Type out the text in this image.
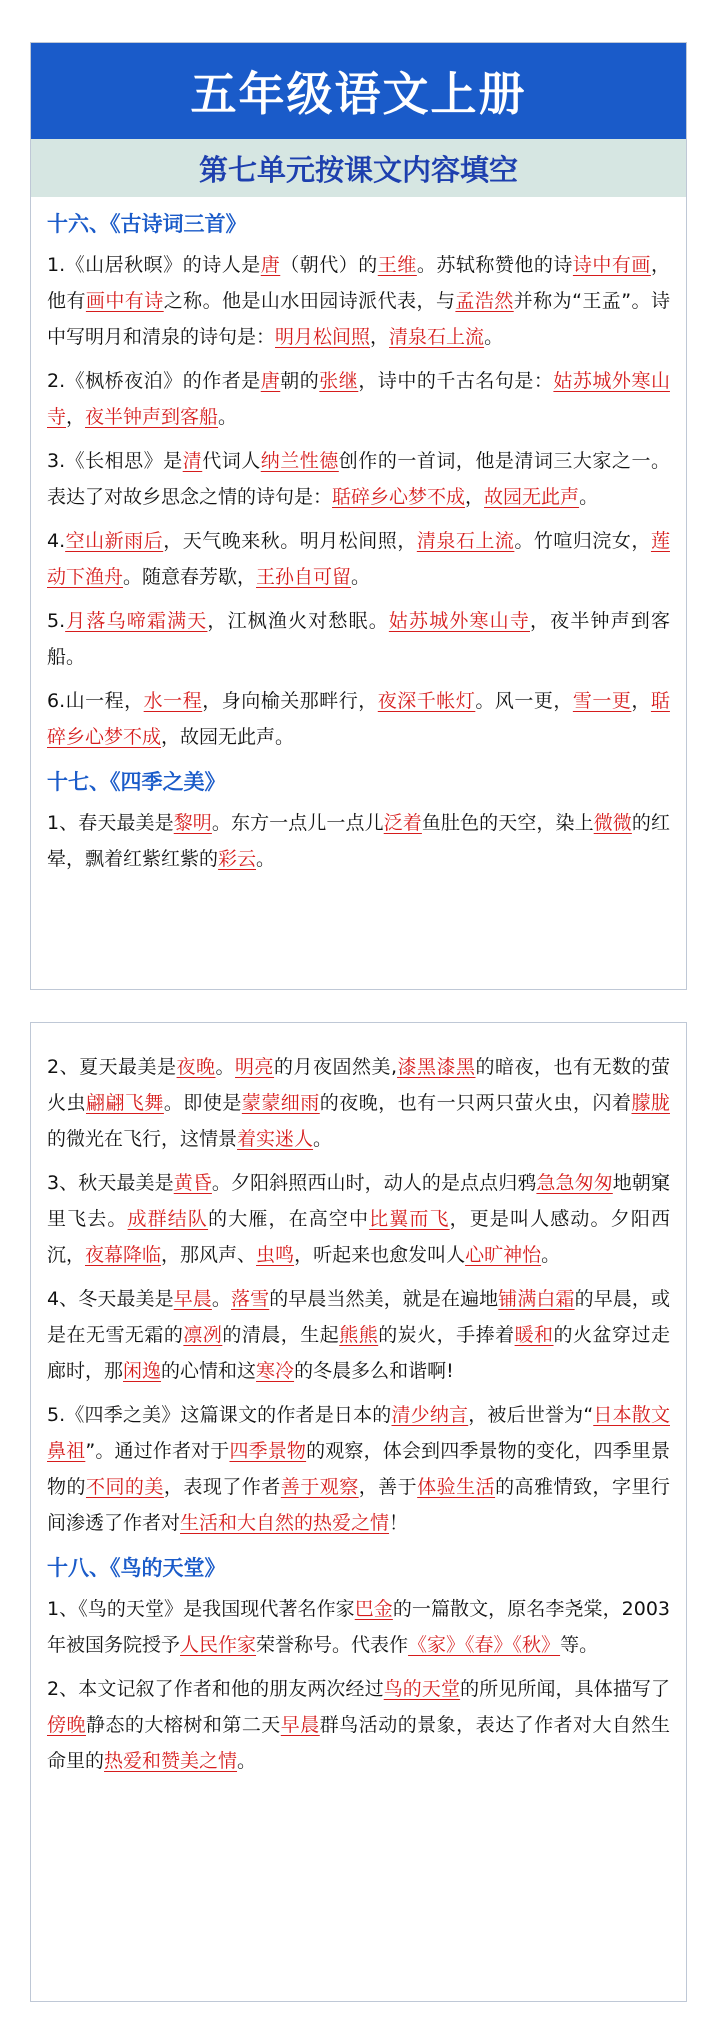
五年级语文上册
第七单元按课文内容填空
十六、《古诗词三首》

1.《山居秋暝》的诗人是唐（朝代）的王维。苏轼称赞他的诗诗中有画，他有画中有诗之称。他是山水田园诗派代表，与孟浩然并称为“王孟”。诗中写明月和清泉的诗句是：明月松间照，清泉石上流。

2.《枫桥夜泊》的作者是唐朝的张继，诗中的千古名句是：姑苏城外寒山寺，夜半钟声到客船。

3.《长相思》是清代词人纳兰性德创作的一首词，他是清词三大家之一。表达了对故乡思念之情的诗句是：聒碎乡心梦不成，故园无此声。

4.空山新雨后，天气晚来秋。明月松间照，清泉石上流。竹喧归浣女，莲动下渔舟。随意春芳歇，王孙自可留。

5.月落乌啼霜满天，江枫渔火对愁眠。姑苏城外寒山寺，夜半钟声到客船。

6.山一程，水一程，身向榆关那畔行，夜深千帐灯。风一更，雪一更，聒碎乡心梦不成，故园无此声。

十七、《四季之美》

1、春天最美是黎明。东方一点儿一点儿泛着鱼肚色的天空，染上微微的红晕，飘着红紫红紫的彩云。

2、夏天最美是夜晚。明亮的月夜固然美,漆黑漆黑的暗夜，也有无数的萤火虫翩翩飞舞。即使是蒙蒙细雨的夜晚，也有一只两只萤火虫，闪着朦胧的微光在飞行，这情景着实迷人。

3、秋天最美是黄昏。夕阳斜照西山时，动人的是点点归鸦急急匆匆地朝窠里飞去。成群结队的大雁，在高空中比翼而飞，更是叫人感动。夕阳西沉，夜幕降临，那风声、虫鸣，听起来也愈发叫人心旷神怡。

4、冬天最美是早晨。落雪的早晨当然美，就是在遍地铺满白霜的早晨，或是在无雪无霜的凛冽的清晨，生起熊熊的炭火，手捧着暖和的火盆穿过走廊时，那闲逸的心情和这寒冷的冬晨多么和谐啊!

5.《四季之美》这篇课文的作者是日本的清少纳言，被后世誉为“日本散文鼻祖”。通过作者对于四季景物的观察，体会到四季景物的变化，四季里景物的不同的美，表现了作者善于观察，善于体验生活的高雅情致，字里行间渗透了作者对生活和大自然的热爱之情！

十八、《鸟的天堂》

1、《鸟的天堂》是我国现代著名作家巴金的一篇散文，原名李尧棠，2003 年被国务院授予人民作家荣誉称号。代表作《家》《春》《秋》等。

2、本文记叙了作者和他的朋友两次经过鸟的天堂的所见所闻，具体描写了傍晚静态的大榕树和第二天早晨群鸟活动的景象，表达了作者对大自然生命里的热爱和赞美之情。
